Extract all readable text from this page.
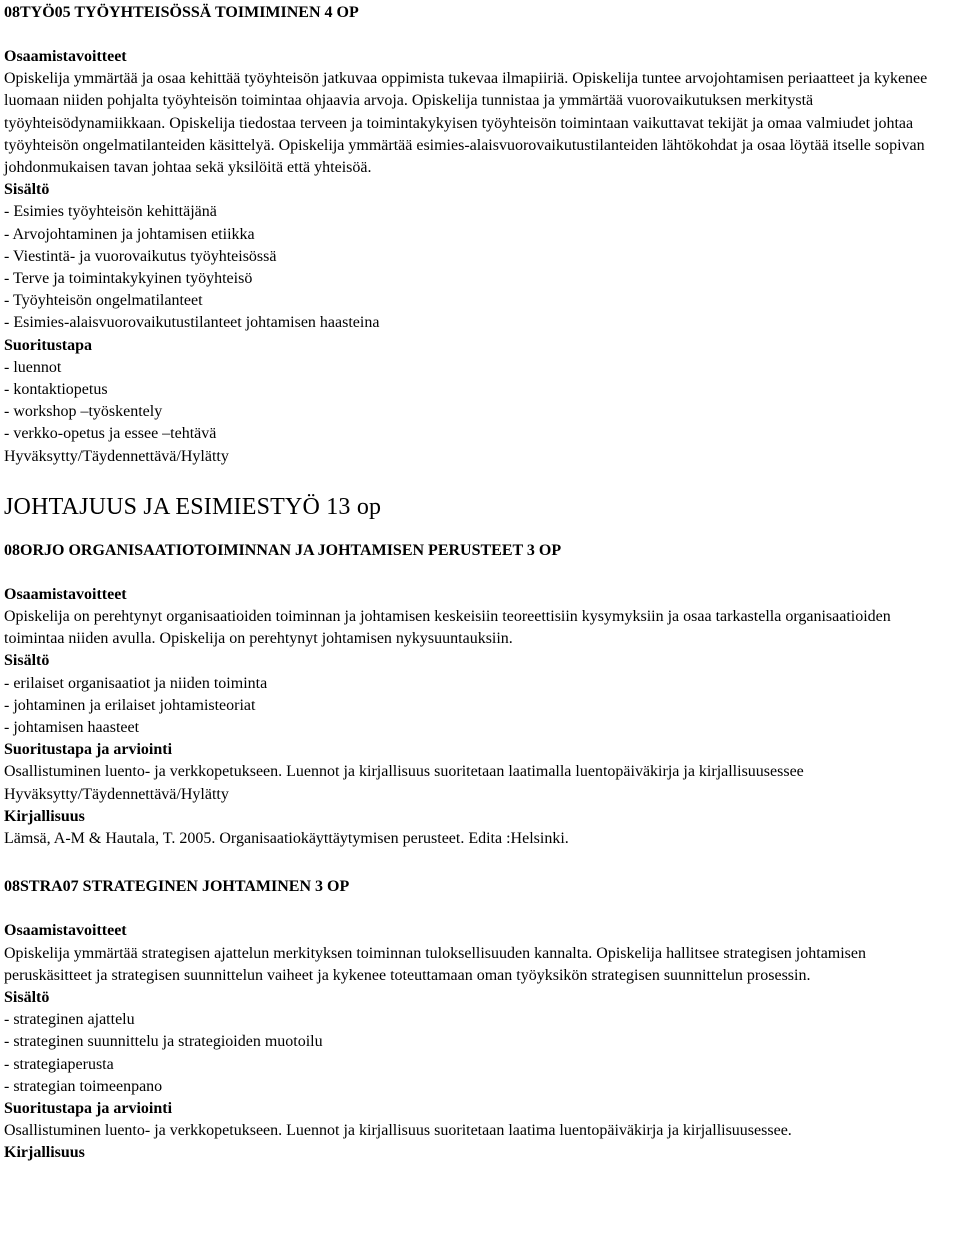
08TYÖ05 TYÖYHTEISÖSSÄ TOIMIMINEN 4 OP

Osaamistavoitteet

Opiskelija ymmärtää ja osaa kehittää työyhteisön jatkuvaa oppimista tukevaa ilmapiiriä. Opiskelija tuntee arvojohtamisen periaatteet ja kykenee luomaan niiden pohjalta työyhteisön toimintaa ohjaavia arvoja. Opiskelija tunnistaa ja ymmärtää vuorovaikutuksen merkitystä työyhteisödynamiikkaan. Opiskelija tiedostaa terveen ja toimintakykyisen työyhteisön toimintaan vaikuttavat tekijät ja omaa valmiudet johtaa työyhteisön ongelmatilanteiden käsittelyä. Opiskelija ymmärtää esimies-alaisvuorovaikutustilanteiden lähtökohdat ja osaa löytää itselle sopivan johdonmukaisen tavan johtaa sekä yksilöitä että yhteisöä.

Sisältö

- Esimies työyhteisön kehittäjänä
- Arvojohtaminen ja johtamisen etiikka
- Viestintä- ja vuorovaikutus työyhteisössä
- Terve ja toimintakykyinen työyhteisö
- Työyhteisön ongelmatilanteet
- Esimies-alaisvuorovaikutustilanteet johtamisen haasteina

Suoritustapa

- luennot
- kontaktiopetus
- workshop –työskentely
- verkko-opetus ja essee –tehtävä

Hyväksytty/Täydennettävä/Hylätty

JOHTAJUUS JA ESIMIESTYÖ 13 op

08ORJO ORGANISAATIOTOIMINNAN JA JOHTAMISEN PERUSTEET 3 OP

Osaamistavoitteet

Opiskelija on perehtynyt organisaatioiden toiminnan ja johtamisen keskeisiin teoreettisiin kysymyksiin ja osaa tarkastella organisaatioiden toimintaa niiden avulla. Opiskelija on perehtynyt johtamisen nykysuuntauksiin.

Sisältö

- erilaiset organisaatiot ja niiden toiminta
- johtaminen ja erilaiset johtamisteoriat
- johtamisen haasteet

Suoritustapa ja arviointi

Osallistuminen luento- ja verkkopetukseen. Luennot ja kirjallisuus suoritetaan laatimalla luentopäiväkirja ja kirjallisuusessee

Hyväksytty/Täydennettävä/Hylätty

Kirjallisuus

Lämsä, A-M & Hautala, T. 2005. Organisaatiokäyttäytymisen perusteet. Edita :Helsinki.

08STRA07 STRATEGINEN JOHTAMINEN 3 OP

Osaamistavoitteet

Opiskelija ymmärtää strategisen ajattelun merkityksen toiminnan tuloksellisuuden kannalta. Opiskelija hallitsee strategisen johtamisen peruskäsitteet ja strategisen suunnittelun vaiheet ja kykenee toteuttamaan oman työyksikön strategisen suunnittelun prosessin.

Sisältö

- strateginen ajattelu
- strateginen suunnittelu ja strategioiden muotoilu
- strategiaperusta
- strategian toimeenpano

Suoritustapa ja arviointi

Osallistuminen luento- ja verkkopetukseen. Luennot ja kirjallisuus suoritetaan laatima luentopäiväkirja ja kirjallisuusessee.

Kirjallisuus
